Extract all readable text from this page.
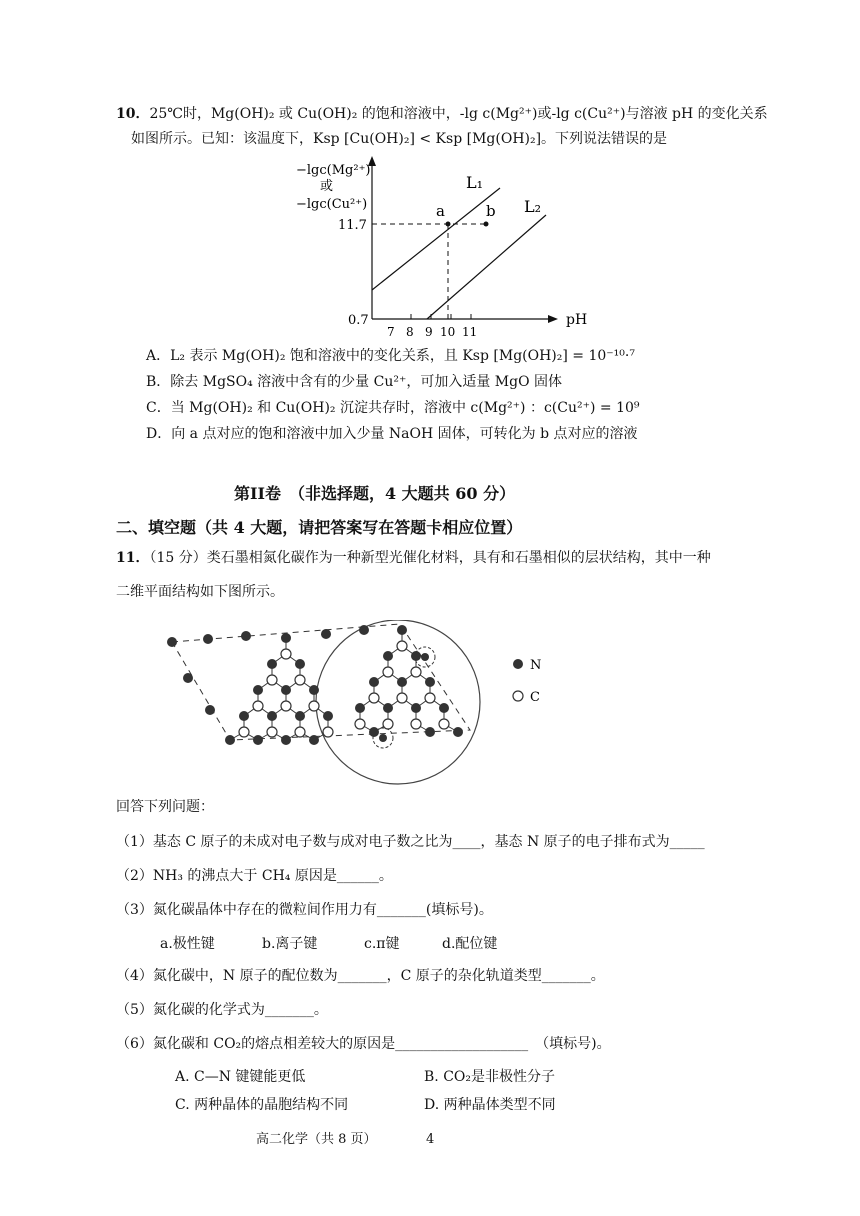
10．25℃时，Mg(OH)₂ 或 Cu(OH)₂ 的饱和溶液中，-lg c(Mg²⁺)或-lg c(Cu²⁺)与溶液 pH 的变化关系
如图所示。已知：该温度下，Ksp [Cu(OH)₂] < Ksp [Mg(OH)₂]。下列说法错误的是
−lgc(Mg²⁺)
或
−lgc(Cu²⁺)
11.7
0.7
7 8 9 10 11
pH
L₁
L₂
a	b
A．L₂ 表示 Mg(OH)₂ 饱和溶液中的变化关系，且 Ksp [Mg(OH)₂] = 10⁻¹⁰·⁷
B．除去 MgSO₄ 溶液中含有的少量 Cu²⁺，可加入适量 MgO 固体
C．当 Mg(OH)₂ 和 Cu(OH)₂ 沉淀共存时，溶液中 c(Mg²⁺) ：c(Cu²⁺) = 10⁹
D．向 a 点对应的饱和溶液中加入少量 NaOH 固体，可转化为 b 点对应的溶液
第II卷　（非选择题，4 大题共 60 分）
二、填空题（共 4 大题，请把答案写在答题卡相应位置）
11．（15 分）类石墨相氮化碳作为一种新型光催化材料，具有和石墨相似的层状结构，其中一种
二维平面结构如下图所示。
N
C
回答下列问题：
（1）基态 C 原子的未成对电子数与成对电子数之比为____，基态 N 原子的电子排布式为_____
（2）NH₃ 的沸点大于 CH₄ 原因是______。
（3）氮化碳晶体中存在的微粒间作用力有_______(填标号)。
a.极性键	b.离子键	c.π键	d.配位键
（4）氮化碳中，N 原子的配位数为_______，C 原子的杂化轨道类型_______。
（5）氮化碳的化学式为_______。
（6）氮化碳和 CO₂的熔点相差较大的原因是___________________　（填标号)。
A. C—N 键键能更低	B. CO₂是非极性分子
C. 两种晶体的晶胞结构不同	D. 两种晶体类型不同
高二化学（共 8 页）	4
